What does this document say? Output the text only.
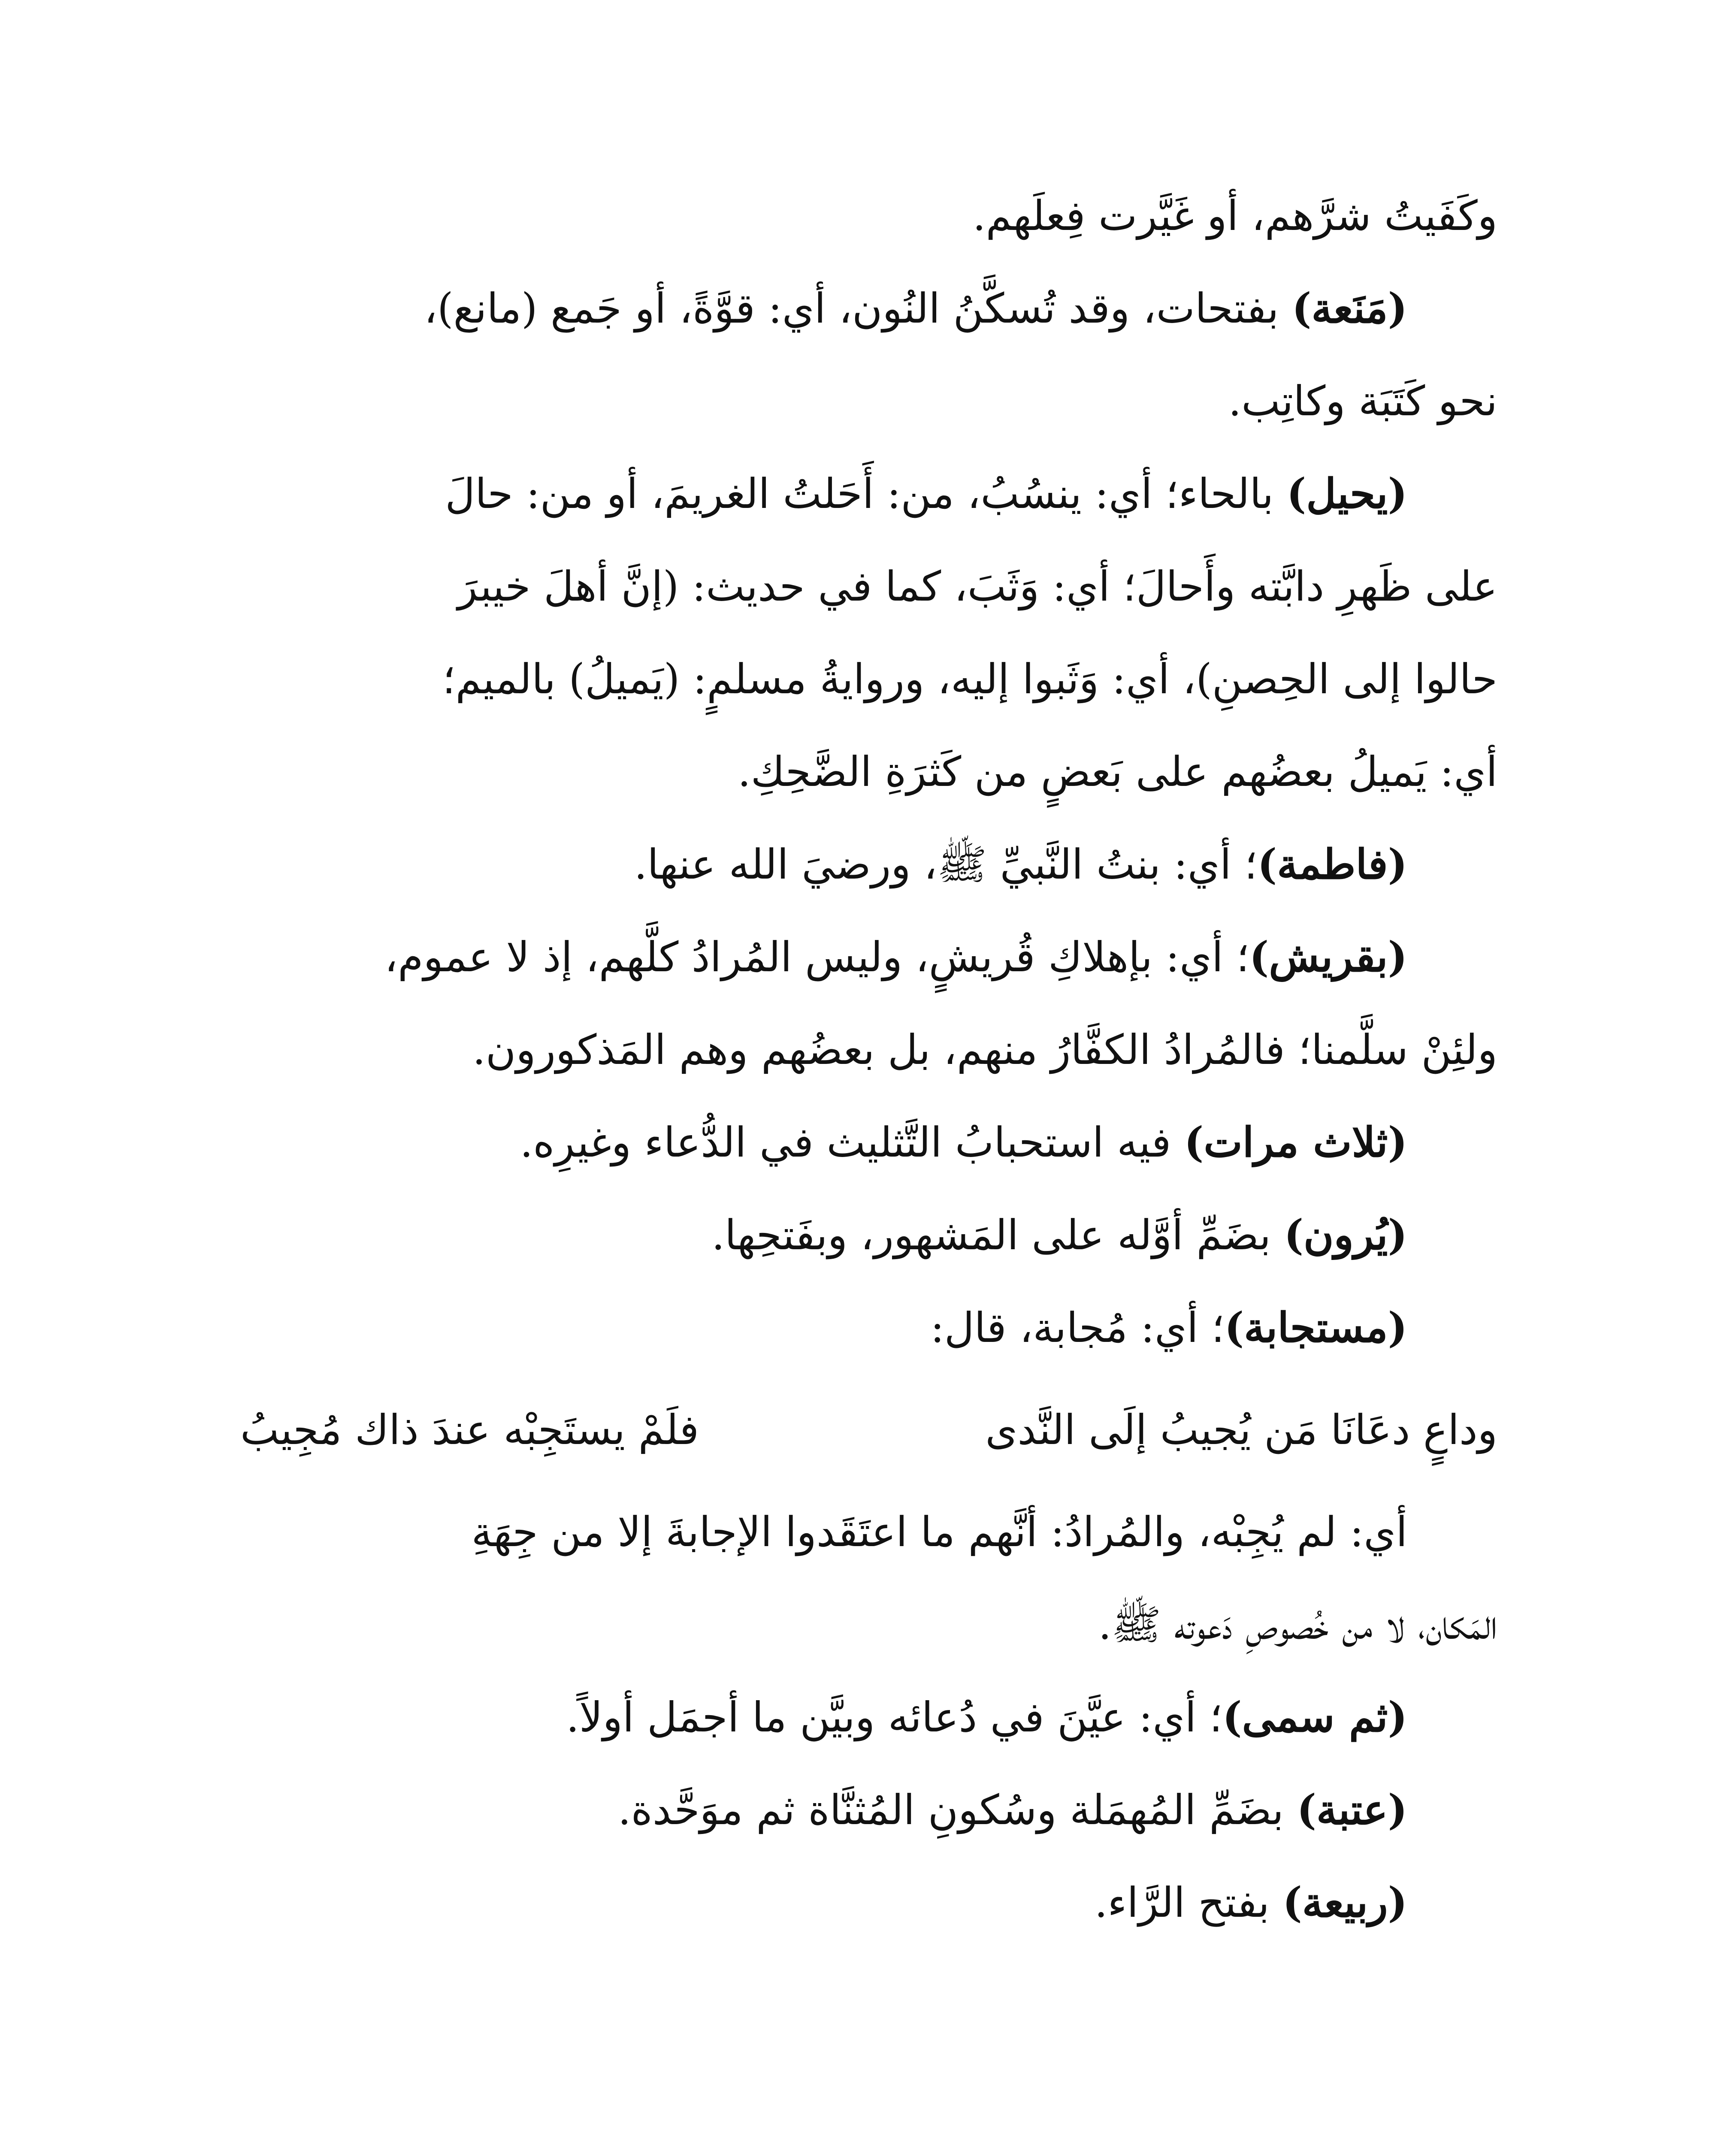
وكَفَيتُ شرَّهم، أو غَيَّرت فِعلَهم.
(مَنَعة) بفتحات، وقد تُسكَّنُ النُون، أي: قوَّةً، أو جَمع (مانع)،
نحو كَتَبَة وكاتِب.
(يحيل) بالحاء؛ أي: ينسُبُ، من: أَحَلتُ الغريمَ، أو من: حالَ
على ظَهرِ دابَّته وأَحالَ؛ أي: وَثَبَ، كما في حديث: (إنَّ أهلَ خيبرَ
حالوا إلى الحِصنِ)، أي: وَثَبوا إليه، وروايةُ مسلمٍ: (يَميلُ) بالميم؛
أي: يَميلُ بعضُهم على بَعضٍ من كَثرَةِ الضَّحِكِ.
(فاطمة)؛ أي: بنتُ النَّبيِّ ﷺ، ورضيَ الله عنها.
(بقريش)؛ أي: بإهلاكِ قُريشٍ، وليس المُرادُ كلَّهم، إذ لا عموم،
ولئِنْ سلَّمنا؛ فالمُرادُ الكفَّارُ منهم، بل بعضُهم وهم المَذكورون.
(ثلاث مرات) فيه استحبابُ التَّثليث في الدُّعاء وغيرِه.
(يُرون) بضَمِّ أوَّله على المَشهور، وبفَتحِها.
(مستجابة)؛ أي: مُجابة، قال:
وداعٍ دعَانَا مَن يُجيبُ إلَى النَّدى
فلَمْ يستَجِبْه عندَ ذاك مُجِيبُ
أي: لم يُجِبْه، والمُرادُ: أنَّهم ما اعتَقَدوا الإجابةَ إلا من جِهَةِ
المَكان، لا من خُصوصِ دَعوته ﷺ.
(ثم سمى)؛ أي: عيَّنَ في دُعائه وبيَّن ما أجمَل أولاً.
(عتبة) بضَمِّ المُهمَلة وسُكونِ المُثنَّاة ثم موَحَّدة.
(ربيعة) بفتح الرَّاء.
